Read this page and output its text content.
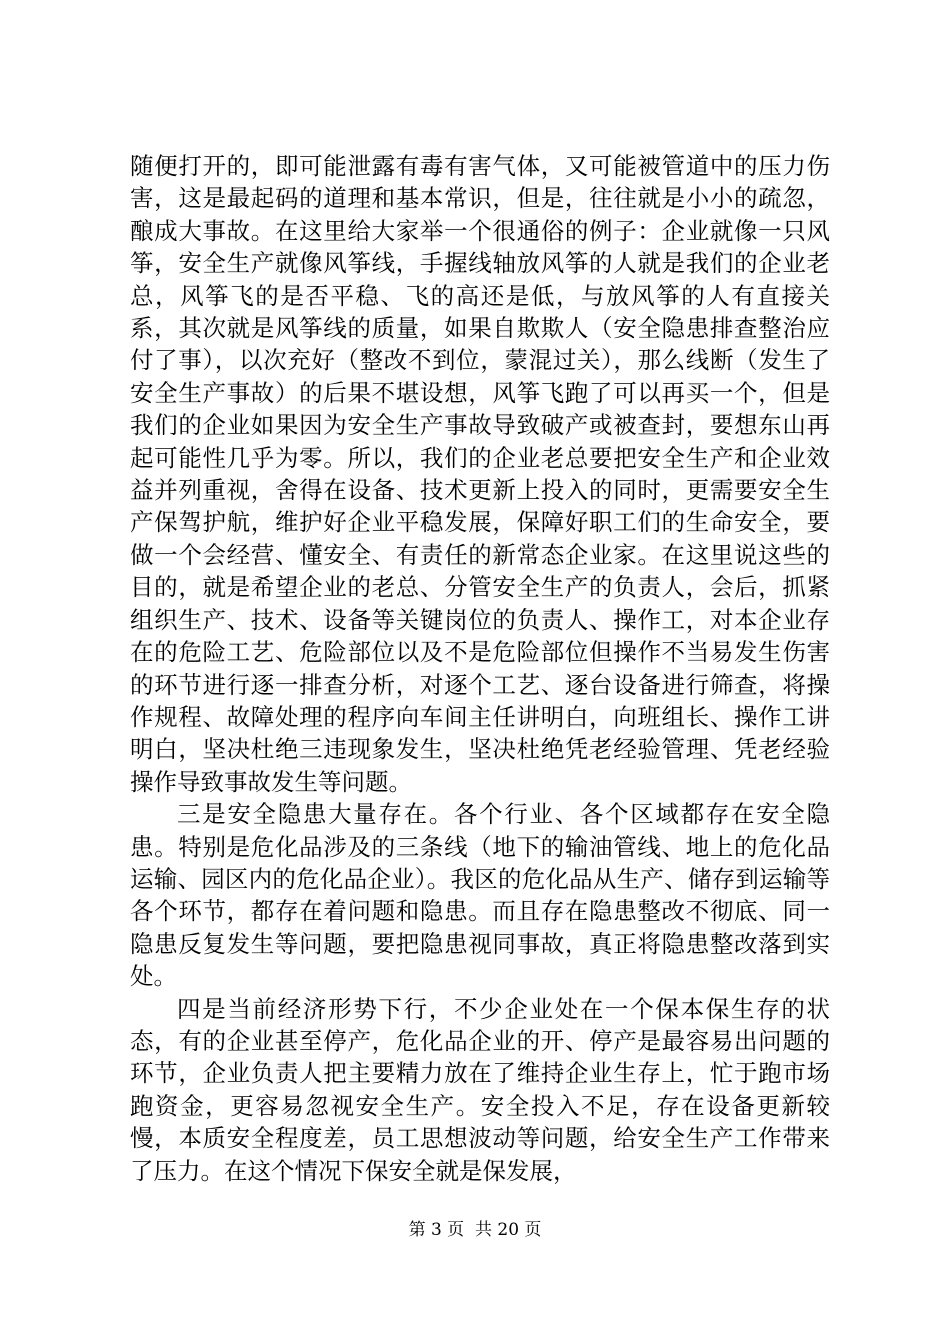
随便打开的，即可能泄露有毒有害气体，又可能被管道中的压力伤害，这是最起码的道理和基本常识，但是，往往就是小小的疏忽，酿成大事故。在这里给大家举一个很通俗的例子：企业就像一只风筝，安全生产就像风筝线，手握线轴放风筝的人就是我们的企业老总，风筝飞的是否平稳、飞的高还是低，与放风筝的人有直接关系，其次就是风筝线的质量，如果自欺欺人（安全隐患排查整治应付了事），以次充好（整改不到位，蒙混过关），那么线断（发生了安全生产事故）的后果不堪设想，风筝飞跑了可以再买一个，但是我们的企业如果因为安全生产事故导致破产或被查封，要想东山再起可能性几乎为零。所以，我们的企业老总要把安全生产和企业效益并列重视，舍得在设备、技术更新上投入的同时，更需要安全生产保驾护航，维护好企业平稳发展，保障好职工们的生命安全，要做一个会经营、懂安全、有责任的新常态企业家。在这里说这些的目的，就是希望企业的老总、分管安全生产的负责人，会后，抓紧组织生产、技术、设备等关键岗位的负责人、操作工，对本企业存在的危险工艺、危险部位以及不是危险部位但操作不当易发生伤害的环节进行逐一排查分析，对逐个工艺、逐台设备进行筛查，将操作规程、故障处理的程序向车间主任讲明白，向班组长、操作工讲明白，坚决杜绝三违现象发生，坚决杜绝凭老经验管理、凭老经验操作导致事故发生等问题。

三是安全隐患大量存在。各个行业、各个区域都存在安全隐患。特别是危化品涉及的三条线（地下的输油管线、地上的危化品运输、园区内的危化品企业）。我区的危化品从生产、储存到运输等各个环节，都存在着问题和隐患。而且存在隐患整改不彻底、同一隐患反复发生等问题，要把隐患视同事故，真正将隐患整改落到实处。

四是当前经济形势下行，不少企业处在一个保本保生存的状态，有的企业甚至停产，危化品企业的开、停产是最容易出问题的环节，企业负责人把主要精力放在了维持企业生存上，忙于跑市场跑资金，更容易忽视安全生产。安全投入不足，存在设备更新较慢，本质安全程度差，员工思想波动等问题，给安全生产工作带来了压力。在这个情况下保安全就是保发展，

第 3 页  共 20 页
